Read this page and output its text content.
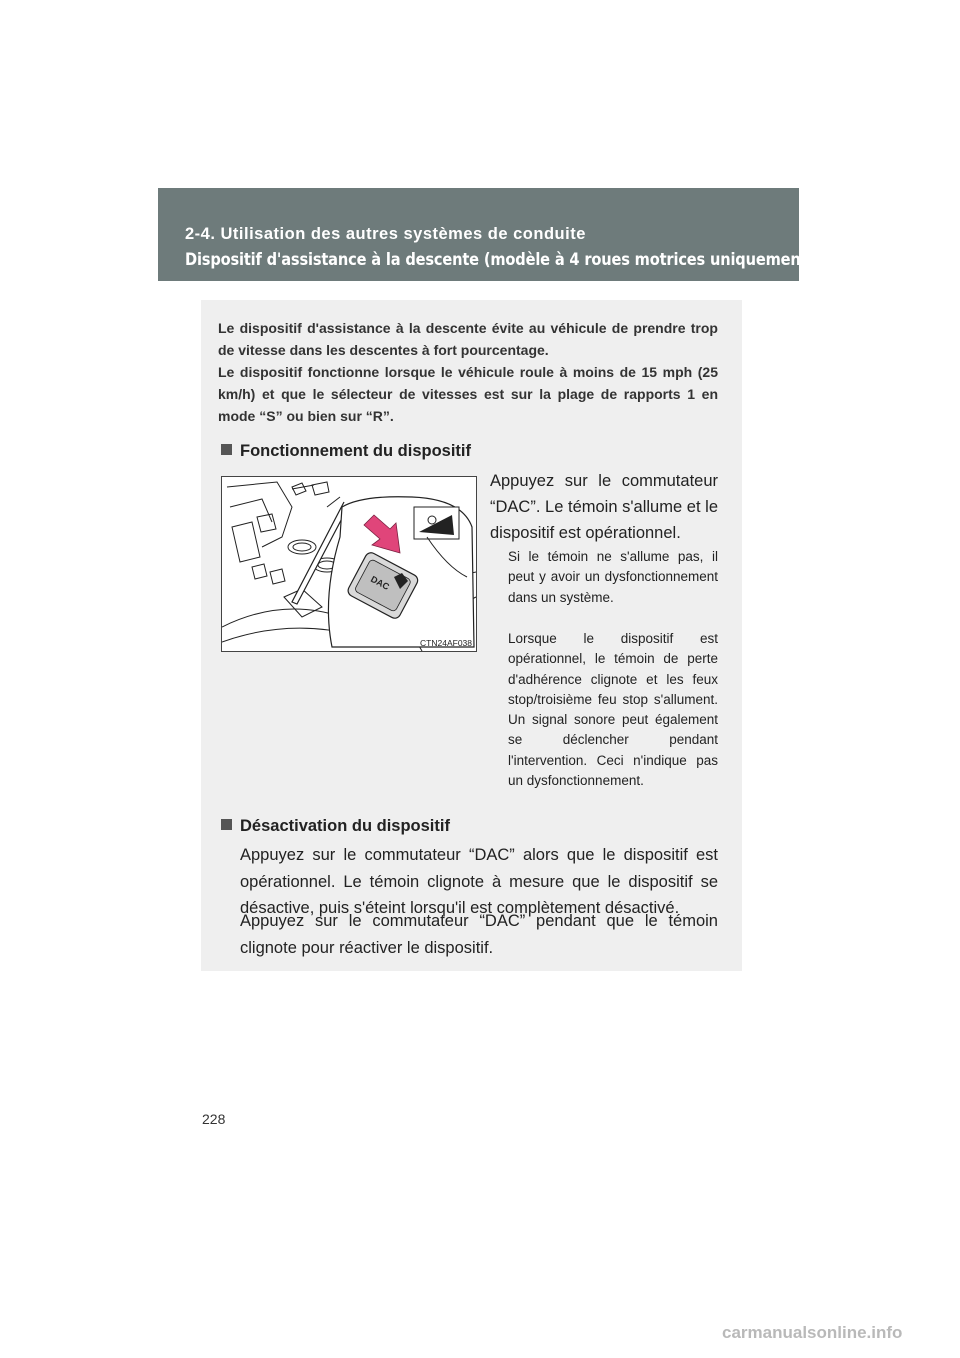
2-4. Utilisation des autres systèmes de conduite
Dispositif d'assistance à la descente (modèle à 4 roues motrices uniquement)

Le dispositif d'assistance à la descente évite au véhicule de prendre trop de vitesse dans les descentes à fort pourcentage.

Le dispositif fonctionne lorsque le véhicule roule à moins de 15 mph (25 km/h) et que le sélecteur de vitesses est sur la plage de rapports 1 en mode “S” ou bien sur “R”.

Fonctionnement du dispositif
DAC
CTN24AF038
Appuyez sur le commutateur “DAC”. Le témoin s'allume et le dispositif est opérationnel.
Si le témoin ne s'allume pas, il peut y avoir un dysfonctionnement dans un système.
Lorsque le dispositif est opérationnel, le témoin de perte d'adhérence clignote et les feux stop/troisième feu stop s'allument. Un signal sonore peut également se déclencher pendant l'intervention. Ceci n'indique pas un dysfonctionnement.
Désactivation du dispositif
Appuyez sur le commutateur “DAC” alors que le dispositif est opérationnel. Le témoin clignote à mesure que le dispositif se désactive, puis s'éteint lorsqu'il est complètement désactivé.
Appuyez sur le commutateur “DAC” pendant que le témoin clignote pour réactiver le dispositif.
228
carmanualsonline.info
